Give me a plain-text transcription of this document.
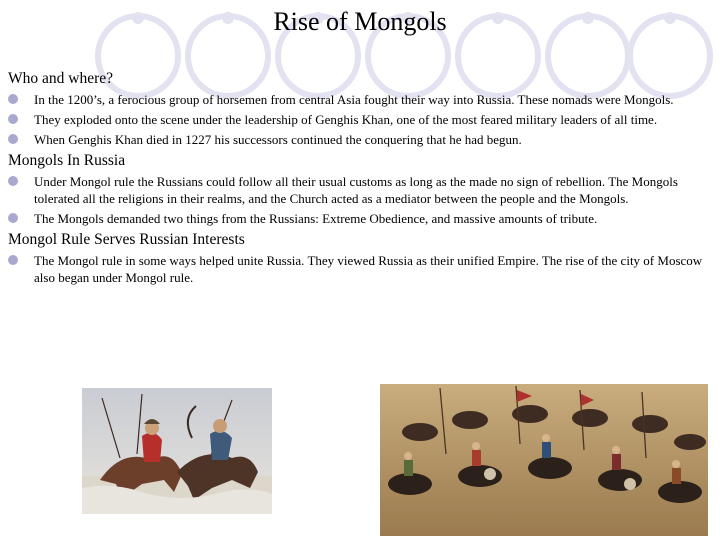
Rise of Mongols
Who and where?
In the 1200’s, a ferocious group of horsemen from central Asia fought their way into Russia. These nomads were Mongols.
They exploded onto the scene under the leadership of Genghis Khan, one of the most feared military leaders of all time.
When Genghis Khan died in 1227 his successors continued the conquering that he had begun.
Mongols In Russia
Under Mongol rule the Russians could follow all their usual customs as long as the made no sign of rebellion. The Mongols tolerated all the religions in their realms, and the Church acted as a mediator between the people and the Mongols.
The Mongols demanded two things from the Russians: Extreme Obedience, and massive amounts of tribute.
Mongol Rule Serves Russian Interests
The Mongol rule in some ways helped unite Russia. They viewed Russia as their unified Empire. The rise of the city of Moscow also began under Mongol rule.
